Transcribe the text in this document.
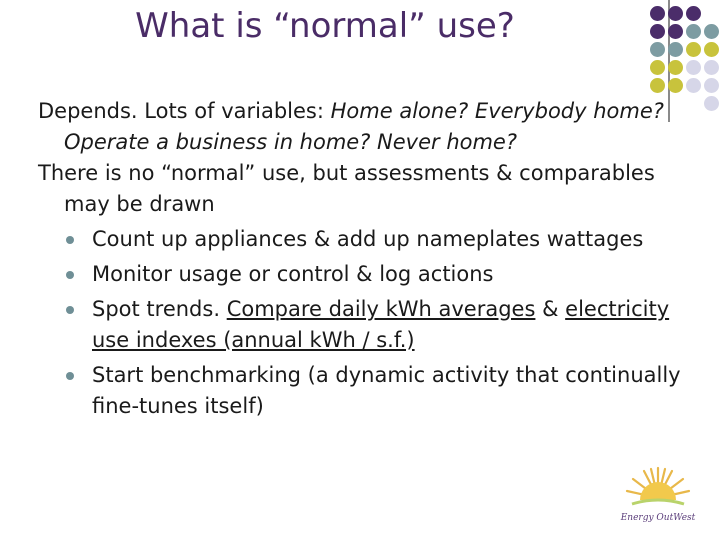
What is “normal” use?

Depends. Lots of variables: Home alone? Everybody home? Operate a business in home? Never home?

There is no “normal” use, but assessments & comparables may be drawn

Count up appliances & add up nameplates wattages
Monitor usage or control & log actions
Spot trends. Compare daily kWh averages & electricity use indexes (annual kWh / s.f.)
Start benchmarking (a dynamic activity that continually fine-tunes itself)
Energy OutWest
